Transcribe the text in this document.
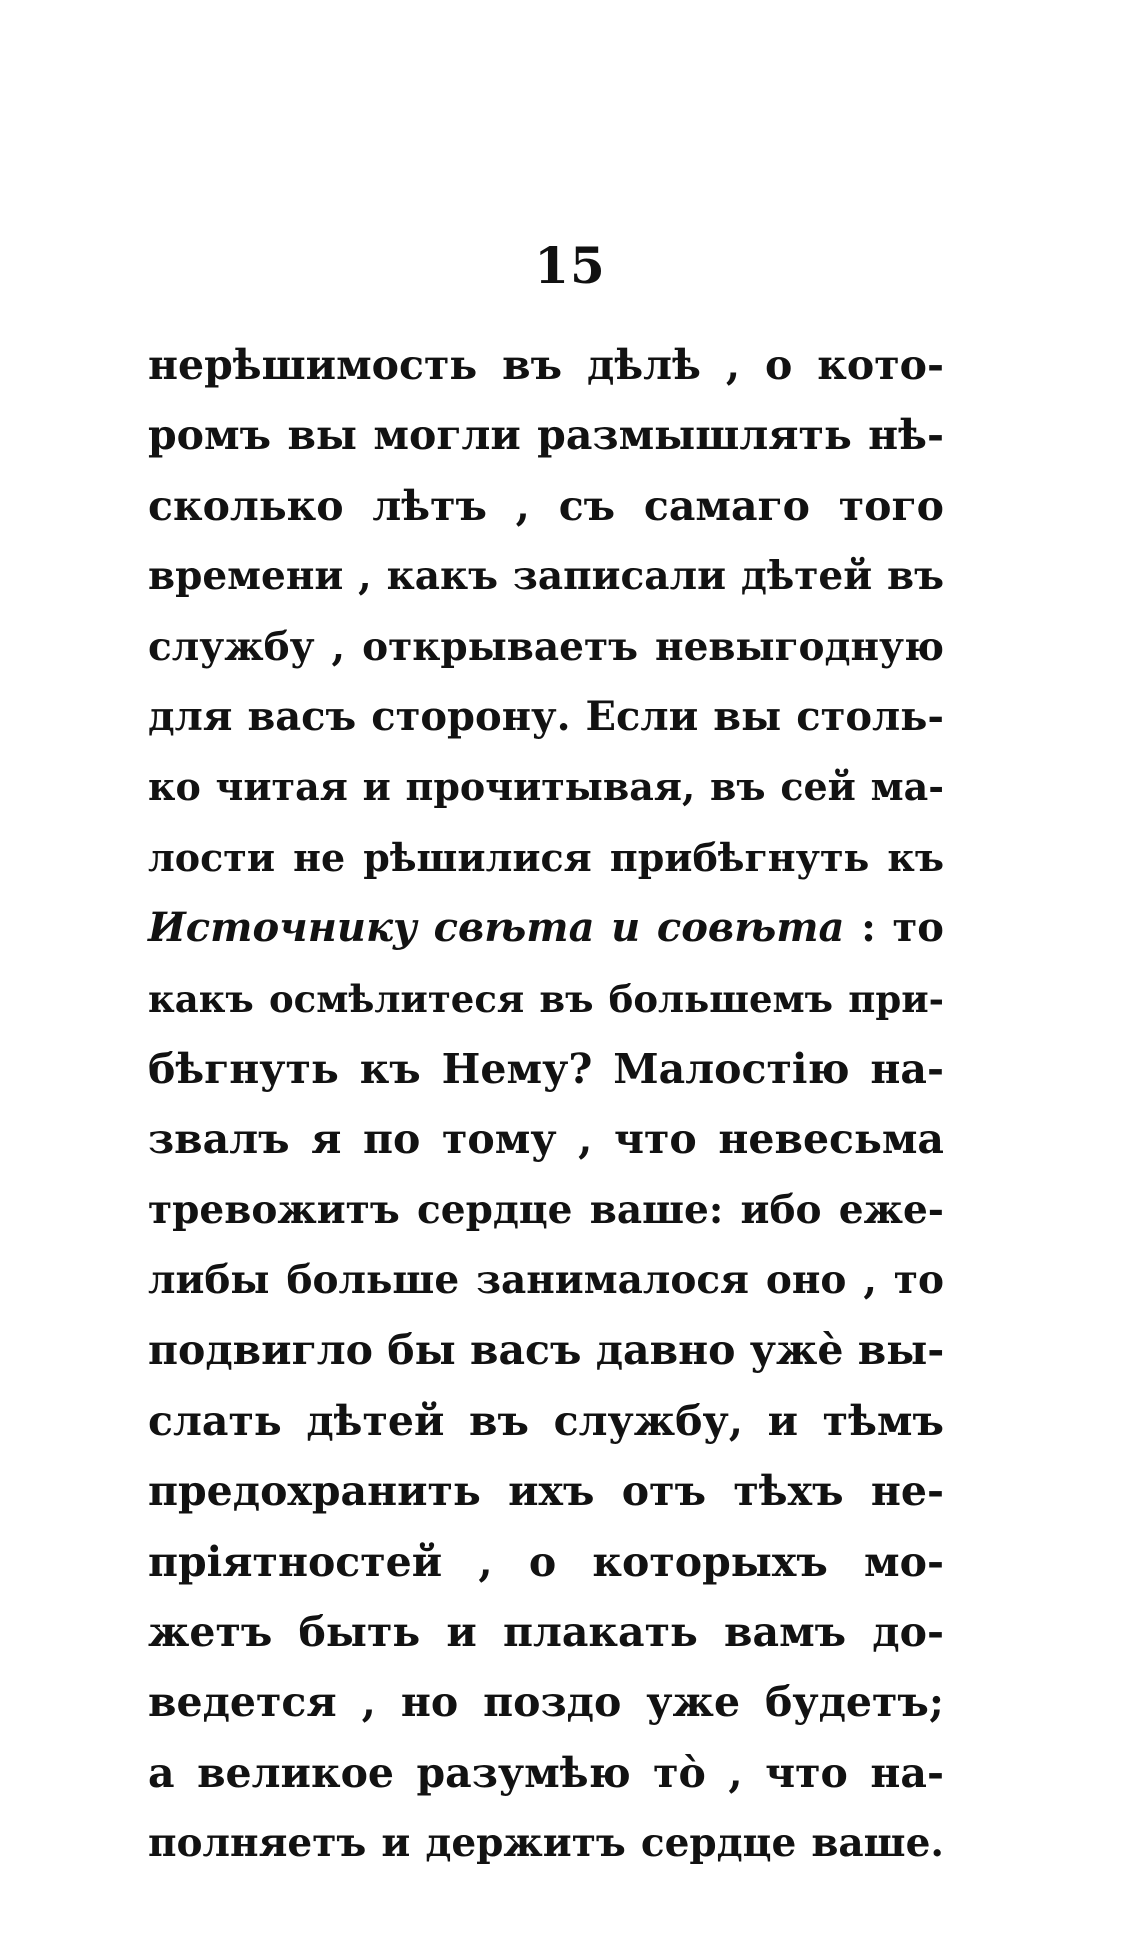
15
нерѣшимость въ дѣлѣ , о кото-
ромъ вы могли размышлять нѣ-
сколько лѣтъ , съ самаго того
времени , какъ записали дѣтей въ
службу , открываетъ невыгодную
для васъ сторону. Если вы столь-
ко читая и прочитывая, въ сей ма-
лости не рѣшилися прибѣгнуть къ
Источнику свѣта и совѣта : то
какъ осмѣлитеся въ большемъ при-
бѣгнуть къ Нему? Малостію на-
звалъ я по тому , что невесьма
тревожитъ сердце ваше: ибо еже-
либы больше занималося оно , то
подвигло бы васъ давно ужè вы-
слать дѣтей въ службу, и тѣмъ
предохранить ихъ отъ тѣхъ не-
пріятностей , о которыхъ мо-
жетъ быть и плакать вамъ до-
ведется , но поздо уже будетъ;
а великое разумѣю тò , что на-
полняетъ и держитъ сердце ваше.
